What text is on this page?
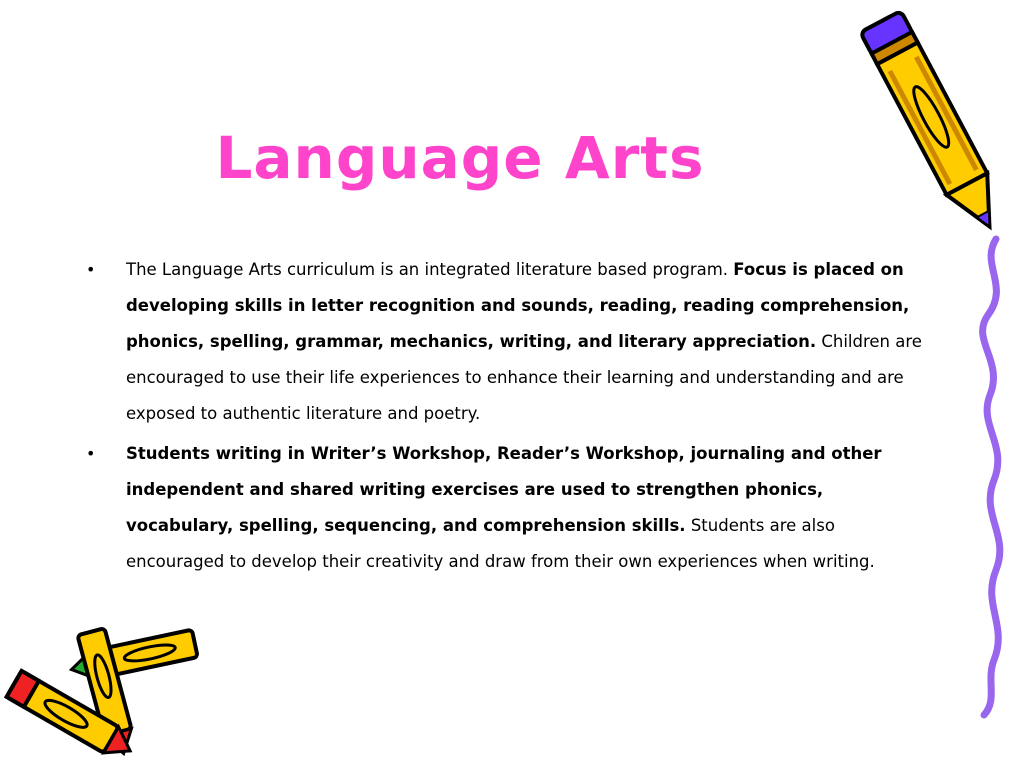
Language Arts
• The Language Arts curriculum is an integrated literature based program. Focus is placed on developing skills in letter recognition and sounds, reading, reading comprehension, phonics, spelling, grammar, mechanics, writing, and literary appreciation. Children are encouraged to use their life experiences to enhance their learning and understanding and are exposed to authentic literature and poetry.
• Students writing in Writer’s Workshop, Reader’s Workshop, journaling and other independent and shared writing exercises are used to strengthen phonics, vocabulary, spelling, sequencing, and comprehension skills. Students are also encouraged to develop their creativity and draw from their own experiences when writing.
